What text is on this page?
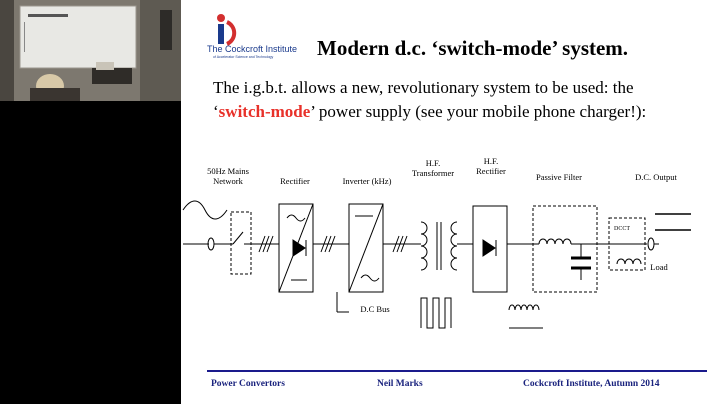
The Cockcroft Institute
of Accelerator Science and Technology Modern d.c. ‘switch-mode’ system.
The i.g.b.t. allows a new, revolutionary system to be used: the
‘switch-mode’ power supply (see your mobile phone charger!):
50Hz Mains
Network	Rectifier	Inverter (kHz)
H.F.
Transformer
H.F.
Rectifier
Passive Filter	D.C. Output
DCCT
Load
D.C Bus
Power Convertors	Neil Marks	Cockcroft Institute, Autumn 2014
